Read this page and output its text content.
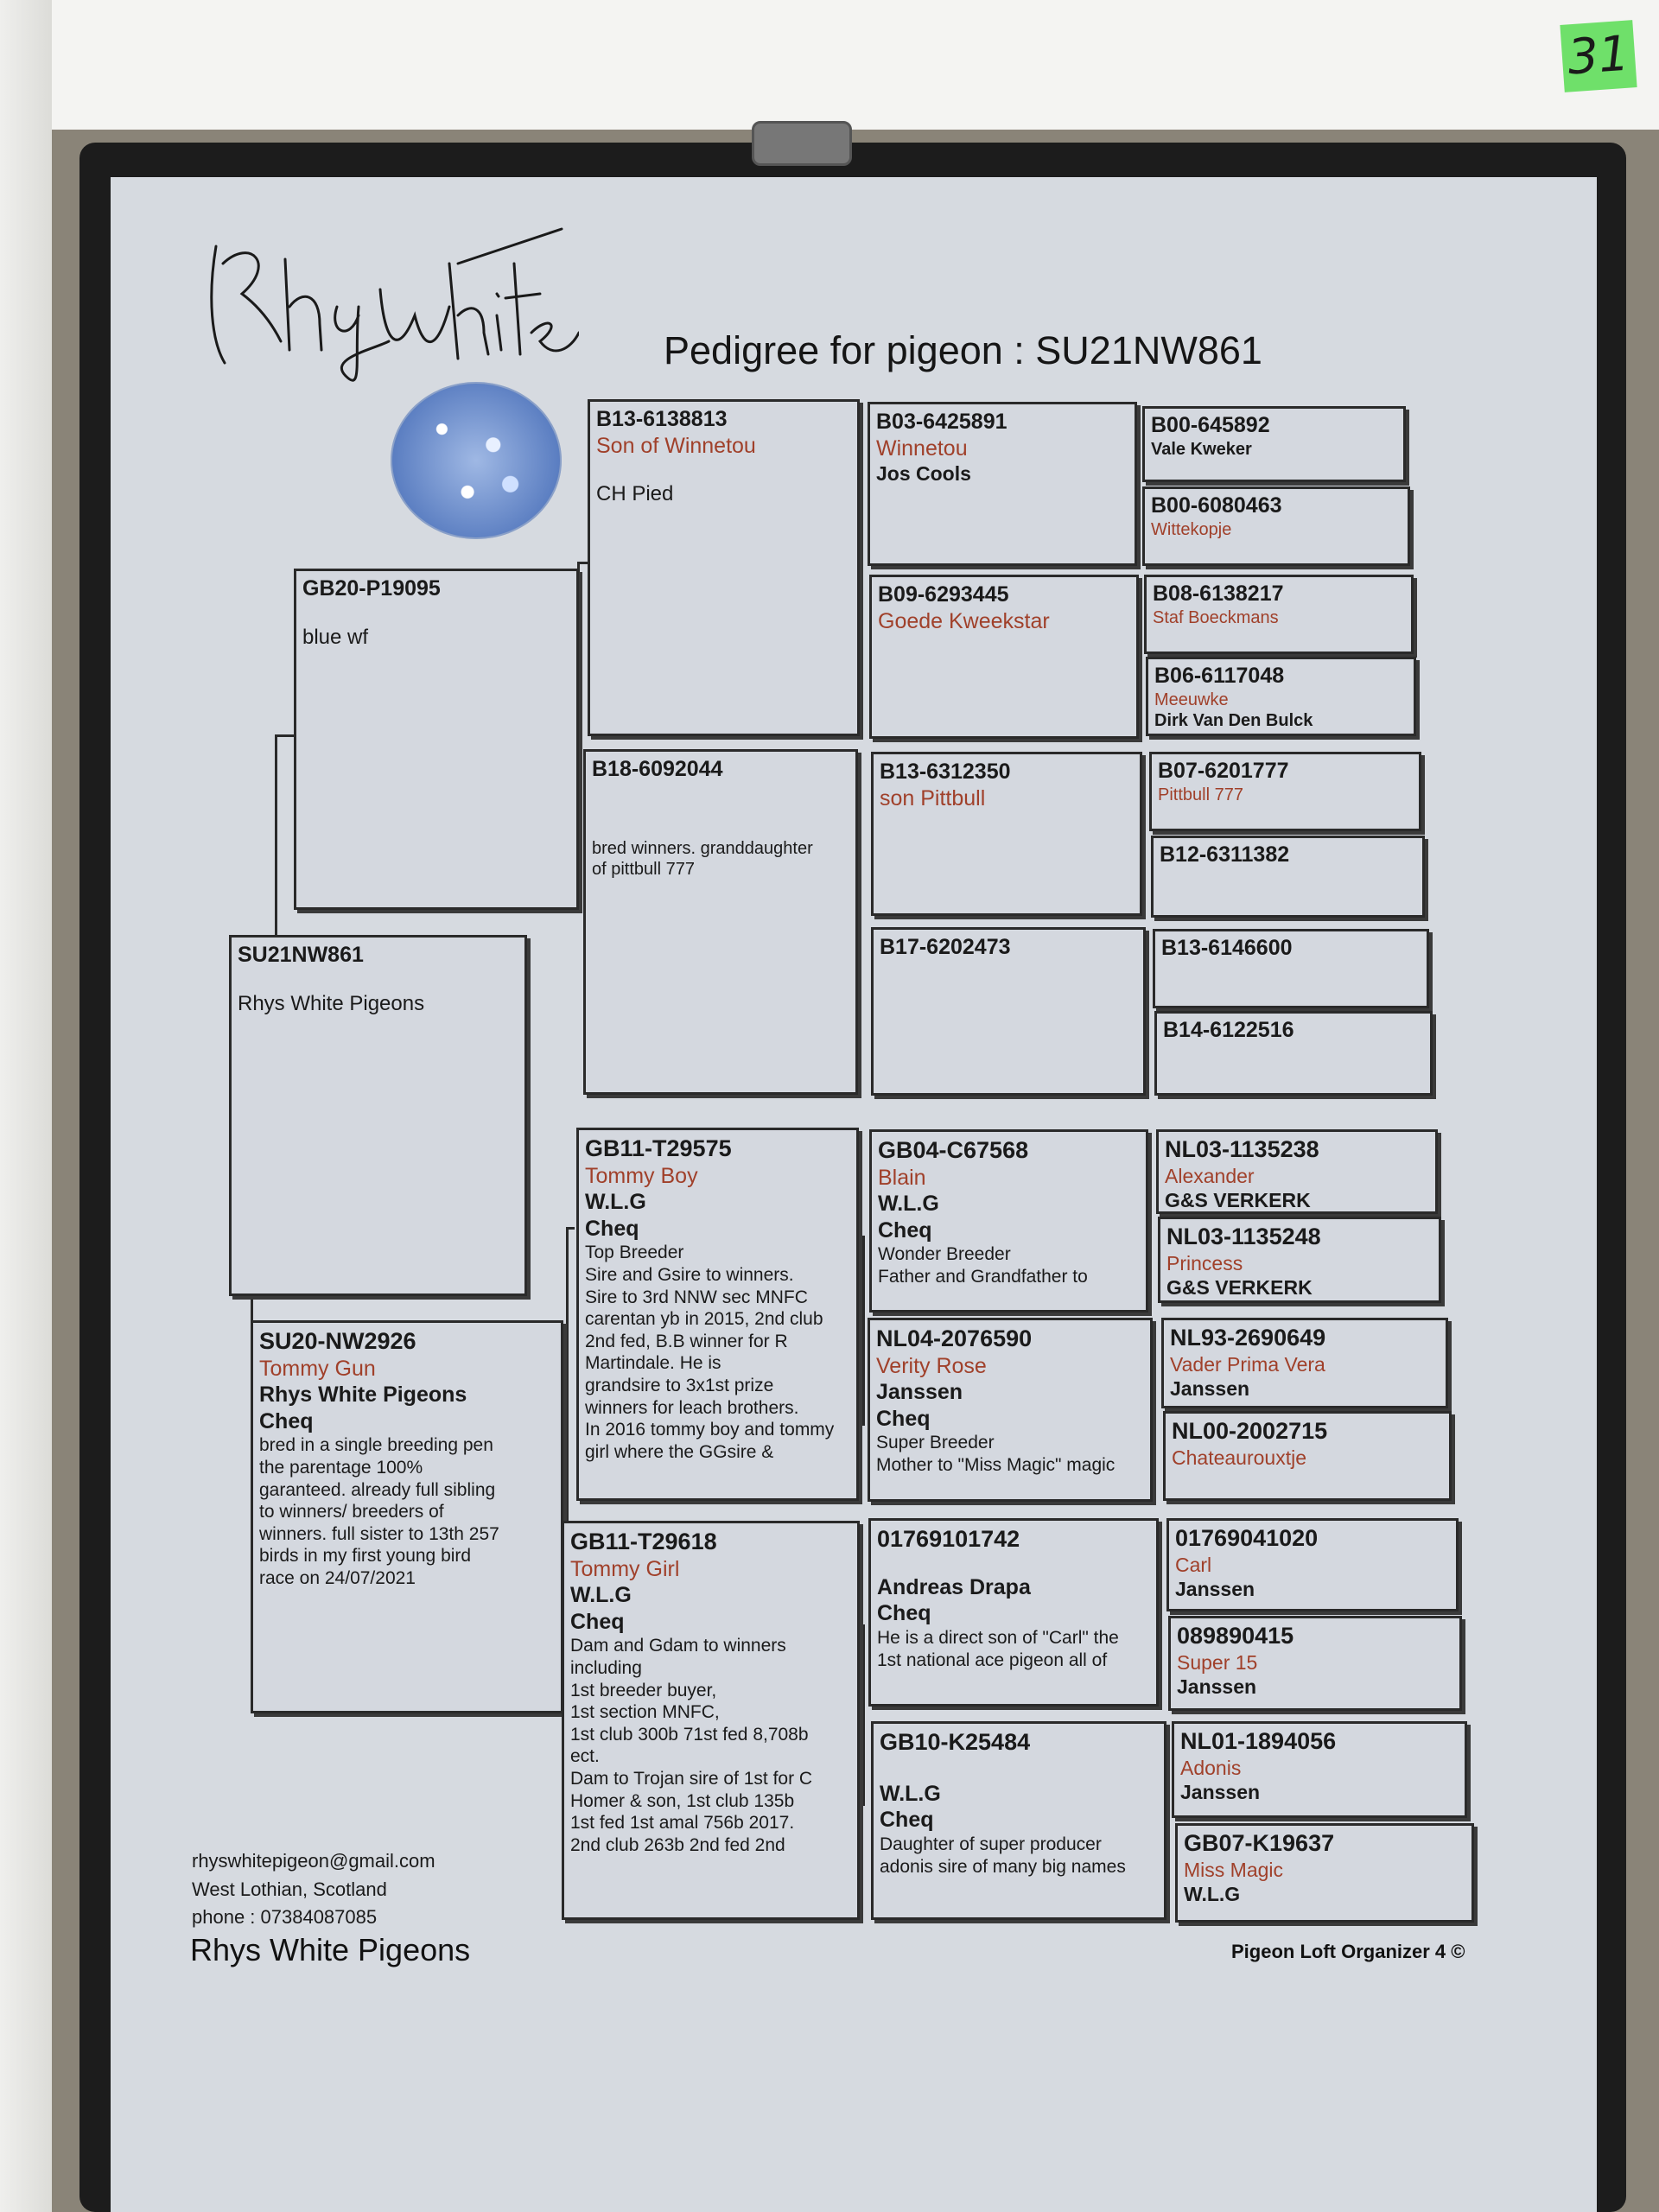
31
Pedigree for pigeon : SU21NW861
SU21NW861
Rhys White Pigeons
GB20-P19095
blue wf
SU20-NW2926
Tommy Gun
Rhys White Pigeons
Cheq
bred in a single breeding pen
the parentage 100%
garanteed. already full sibling
to winners/ breeders of
winners. full sister to 13th 257
birds in my first young bird
race on 24/07/2021
B13-6138813
Son of Winnetou
CH Pied
B18-6092044
bred winners. granddaughter
of pittbull 777
GB11-T29575
Tommy Boy
W.L.G
Cheq
Top Breeder
Sire and Gsire to winners.
Sire to 3rd NNW sec MNFC
carentan yb in 2015, 2nd club
2nd fed, B.B winner for R
Martindale. He is
grandsire to 3x1st prize
winners for leach brothers.
In 2016 tommy boy and tommy
girl where the GGsire &
GB11-T29618
Tommy Girl
W.L.G
Cheq
Dam and Gdam to winners
including
1st breeder buyer,
1st section MNFC,
1st club 300b 71st fed 8,708b
ect.
Dam to Trojan sire of 1st for C
Homer & son, 1st club 135b
1st fed 1st amal 756b 2017.
2nd club 263b 2nd fed 2nd
B03-6425891
Winnetou
Jos Cools
B09-6293445
Goede Kweekstar
B13-6312350
son Pittbull
B17-6202473
GB04-C67568
Blain
W.L.G
Cheq
Wonder Breeder
Father and Grandfather to
NL04-2076590
Verity Rose
Janssen
Cheq
Super Breeder
Mother to "Miss Magic" magic
01769101742
Andreas Drapa
Cheq
He is a direct son of "Carl" the
1st national ace pigeon all of
GB10-K25484
W.L.G
Cheq
Daughter of super producer
adonis sire of many big names
B00-645892
Vale Kweker
B00-6080463
Wittekopje
B08-6138217
Staf Boeckmans
B06-6117048
Meeuwke
Dirk Van Den Bulck
B07-6201777
Pittbull 777
B12-6311382
B13-6146600
B14-6122516
NL03-1135238
Alexander
G&S VERKERK
NL03-1135248
Princess
G&S VERKERK
NL93-2690649
Vader Prima Vera
Janssen
NL00-2002715
Chateaurouxtje
01769041020
Carl
Janssen
089890415
Super 15
Janssen
NL01-1894056
Adonis
Janssen
GB07-K19637
Miss Magic
W.L.G
rhyswhitepigeon@gmail.com
West Lothian, Scotland
phone : 07384087085
Rhys White Pigeons	Pigeon Loft Organizer 4 ©
